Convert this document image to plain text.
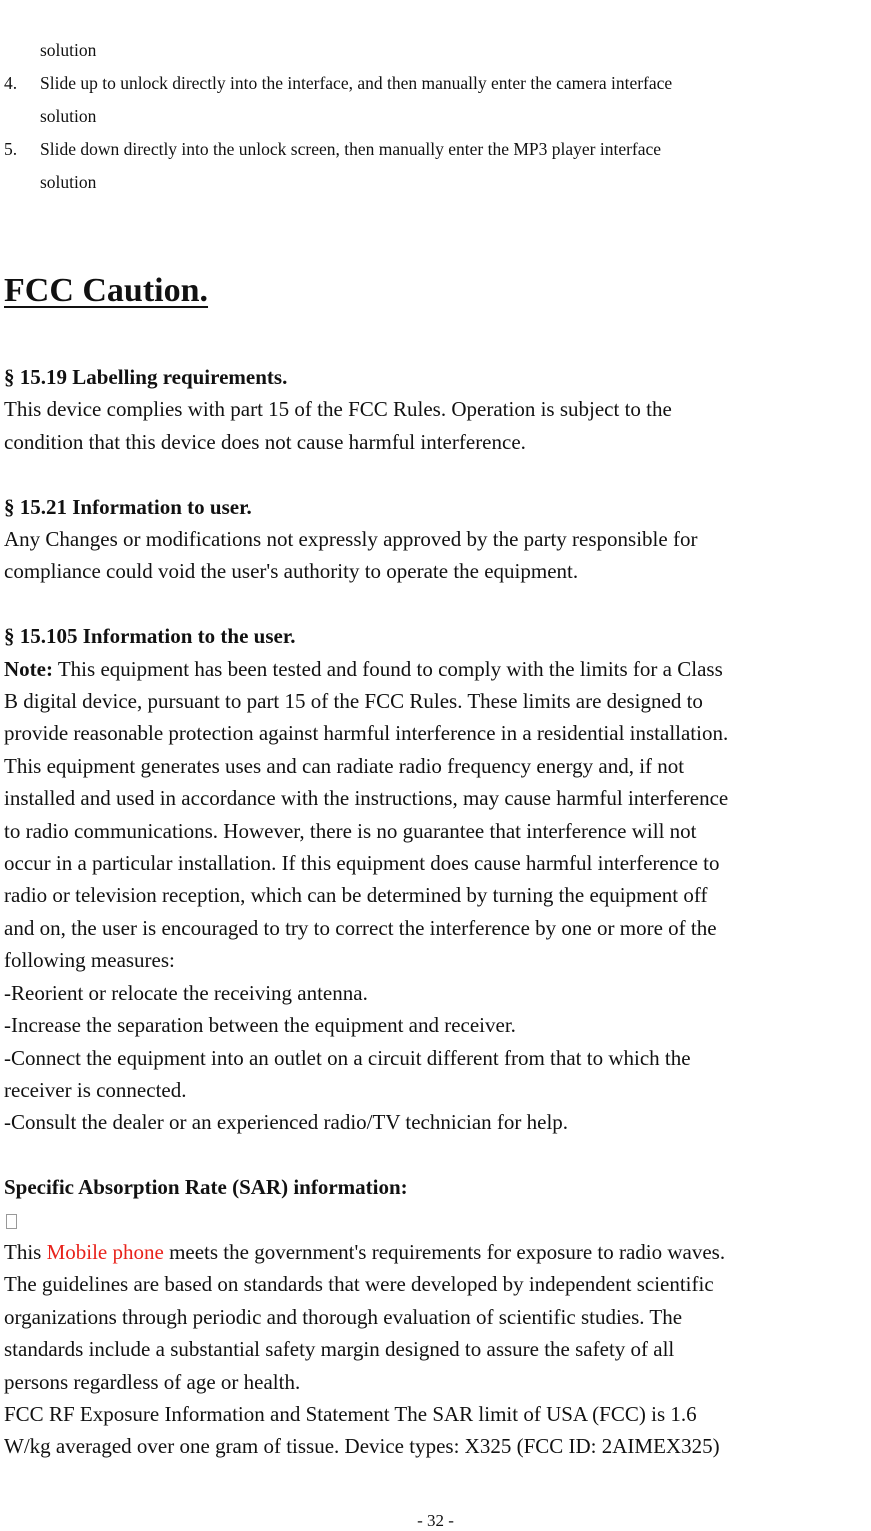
solution
4.	Slide up to unlock directly into the interface, and then manually enter the camera interface
solution
5.	Slide down directly into the unlock screen, then manually enter the MP3 player interface
solution
FCC Caution.

§ 15.19 Labelling requirements.

This device complies with part 15 of the FCC Rules. Operation is subject to the

condition that this device does not cause harmful interference.

§ 15.21 Information to user.

Any Changes or modifications not expressly approved by the party responsible for

compliance could void the user's authority to operate the equipment.

§ 15.105 Information to the user.

Note: This equipment has been tested and found to comply with the limits for a Class

B digital device, pursuant to part 15 of the FCC Rules. These limits are designed to

provide reasonable protection against harmful interference in a residential installation.

This equipment generates uses and can radiate radio frequency energy and, if not

installed and used in accordance with the instructions, may cause harmful interference

to radio communications. However, there is no guarantee that interference will not

occur in a particular installation. If this equipment does cause harmful interference to

radio or television reception, which can be determined by turning the equipment off

and on, the user is encouraged to try to correct the interference by one or more of the

following measures:

-Reorient or relocate the receiving antenna.

-Increase the separation between the equipment and receiver.

-Connect the equipment into an outlet on a circuit different from that to which the

receiver is connected.

-Consult the dealer or an experienced radio/TV technician for help.

Specific Absorption Rate (SAR) information:

This Mobile phone meets the government's requirements for exposure to radio waves.

The guidelines are based on standards that were developed by independent scientific

organizations through periodic and thorough evaluation of scientific studies. The

standards include a substantial safety margin designed to assure the safety of all

persons regardless of age or health.

FCC RF Exposure Information and Statement The SAR limit of USA (FCC) is 1.6

W/kg averaged over one gram of tissue. Device types: X325 (FCC ID: 2AIMEX325)

- 32 -
